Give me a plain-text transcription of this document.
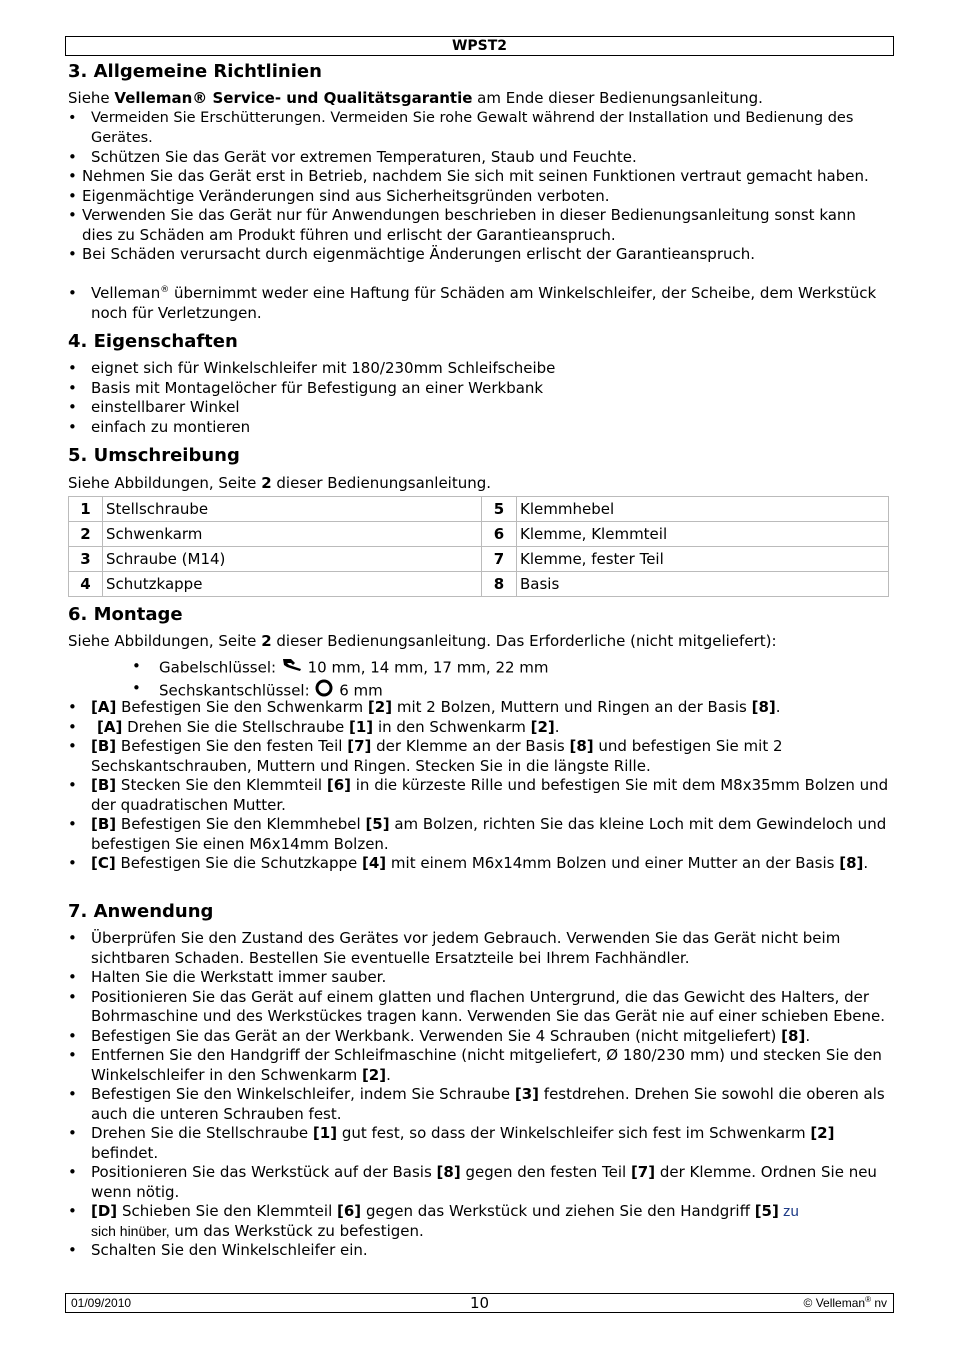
WPST2
3. Allgemeine Richtlinien

Siehe Velleman® Service- und Qualitätsgarantie am Ende dieser Bedienungsanleitung.

• Vermeiden Sie Erschütterungen. Vermeiden Sie rohe Gewalt während der Installation und Bedienung des Gerätes.
• Schützen Sie das Gerät vor extremen Temperaturen, Staub und Feuchte.
• Nehmen Sie das Gerät erst in Betrieb, nachdem Sie sich mit seinen Funktionen vertraut gemacht haben.
• Eigenmächtige Veränderungen sind aus Sicherheitsgründen verboten.
• Verwenden Sie das Gerät nur für Anwendungen beschrieben in dieser Bedienungsanleitung sonst kann dies zu Schäden am Produkt führen und erlischt der Garantieanspruch.
• Bei Schäden verursacht durch eigenmächtige Änderungen erlischt der Garantieanspruch.
• Velleman® übernimmt weder eine Haftung für Schäden am Winkelschleifer, der Scheibe, dem Werkstück noch für Verletzungen.
4. Eigenschaften
• eignet sich für Winkelschleifer mit 180/230mm Schleifscheibe
• Basis mit Montagelöcher für Befestigung an einer Werkbank
• einstellbarer Winkel
• einfach zu montieren
5. Umschreibung

Siehe Abbildungen, Seite 2 dieser Bedienungsanleitung.

1	Stellschraube	5	Klemmhebel
2	Schwenkarm	6	Klemme, Klemmteil
3	Schraube (M14)	7	Klemme, fester Teil
4	Schutzkappe	8	Basis
6. Montage

Siehe Abbildungen, Seite 2 dieser Bedienungsanleitung. Das Erforderliche (nicht mitgeliefert):

• Gabelschlüssel:  10 mm, 14 mm, 17 mm, 22 mm
• Sechskantschlüssel:  6 mm
• [A] Befestigen Sie den Schwenkarm [2] mit 2 Bolzen, Muttern und Ringen an der Basis [8].
• [A] Drehen Sie die Stellschraube [1] in den Schwenkarm [2].
• [B] Befestigen Sie den festen Teil [7] der Klemme an der Basis [8] und befestigen Sie mit 2 Sechskantschrauben, Muttern und Ringen. Stecken Sie in die längste Rille.
• [B] Stecken Sie den Klemmteil [6] in die kürzeste Rille und befestigen Sie mit dem M8x35mm Bolzen und der quadratischen Mutter.
• [B] Befestigen Sie den Klemmhebel [5] am Bolzen, richten Sie das kleine Loch mit dem Gewindeloch und befestigen Sie einen M6x14mm Bolzen.
• [C] Befestigen Sie die Schutzkappe [4] mit einem M6x14mm Bolzen und einer Mutter an der Basis [8].
7. Anwendung
• Überprüfen Sie den Zustand des Gerätes vor jedem Gebrauch. Verwenden Sie das Gerät nicht beim sichtbaren Schaden. Bestellen Sie eventuelle Ersatzteile bei Ihrem Fachhändler.
• Halten Sie die Werkstatt immer sauber.
• Positionieren Sie das Gerät auf einem glatten und flachen Untergrund, die das Gewicht des Halters, der Bohrmaschine und des Werkstückes tragen kann. Verwenden Sie das Gerät nie auf einer schieben Ebene.
• Befestigen Sie das Gerät an der Werkbank. Verwenden Sie 4 Schrauben (nicht mitgeliefert) [8].
• Entfernen Sie den Handgriff der Schleifmaschine (nicht mitgeliefert, Ø 180/230 mm) und stecken Sie den Winkelschleifer in den Schwenkarm [2].
• Befestigen Sie den Winkelschleifer, indem Sie Schraube [3] festdrehen. Drehen Sie sowohl die oberen als auch die unteren Schrauben fest.
• Drehen Sie die Stellschraube [1] gut fest, so dass der Winkelschleifer sich fest im Schwenkarm [2] befindet.
• Positionieren Sie das Werkstück auf der Basis [8] gegen den festen Teil [7] der Klemme. Ordnen Sie neu wenn nötig.
• [D] Schieben Sie den Klemmteil [6] gegen das Werkstück und ziehen Sie den Handgriff [5] zu
sich hinüber, um das Werkstück zu befestigen.
• Schalten Sie den Winkelschleifer ein.
01/09/2010	10	© Velleman® nv
